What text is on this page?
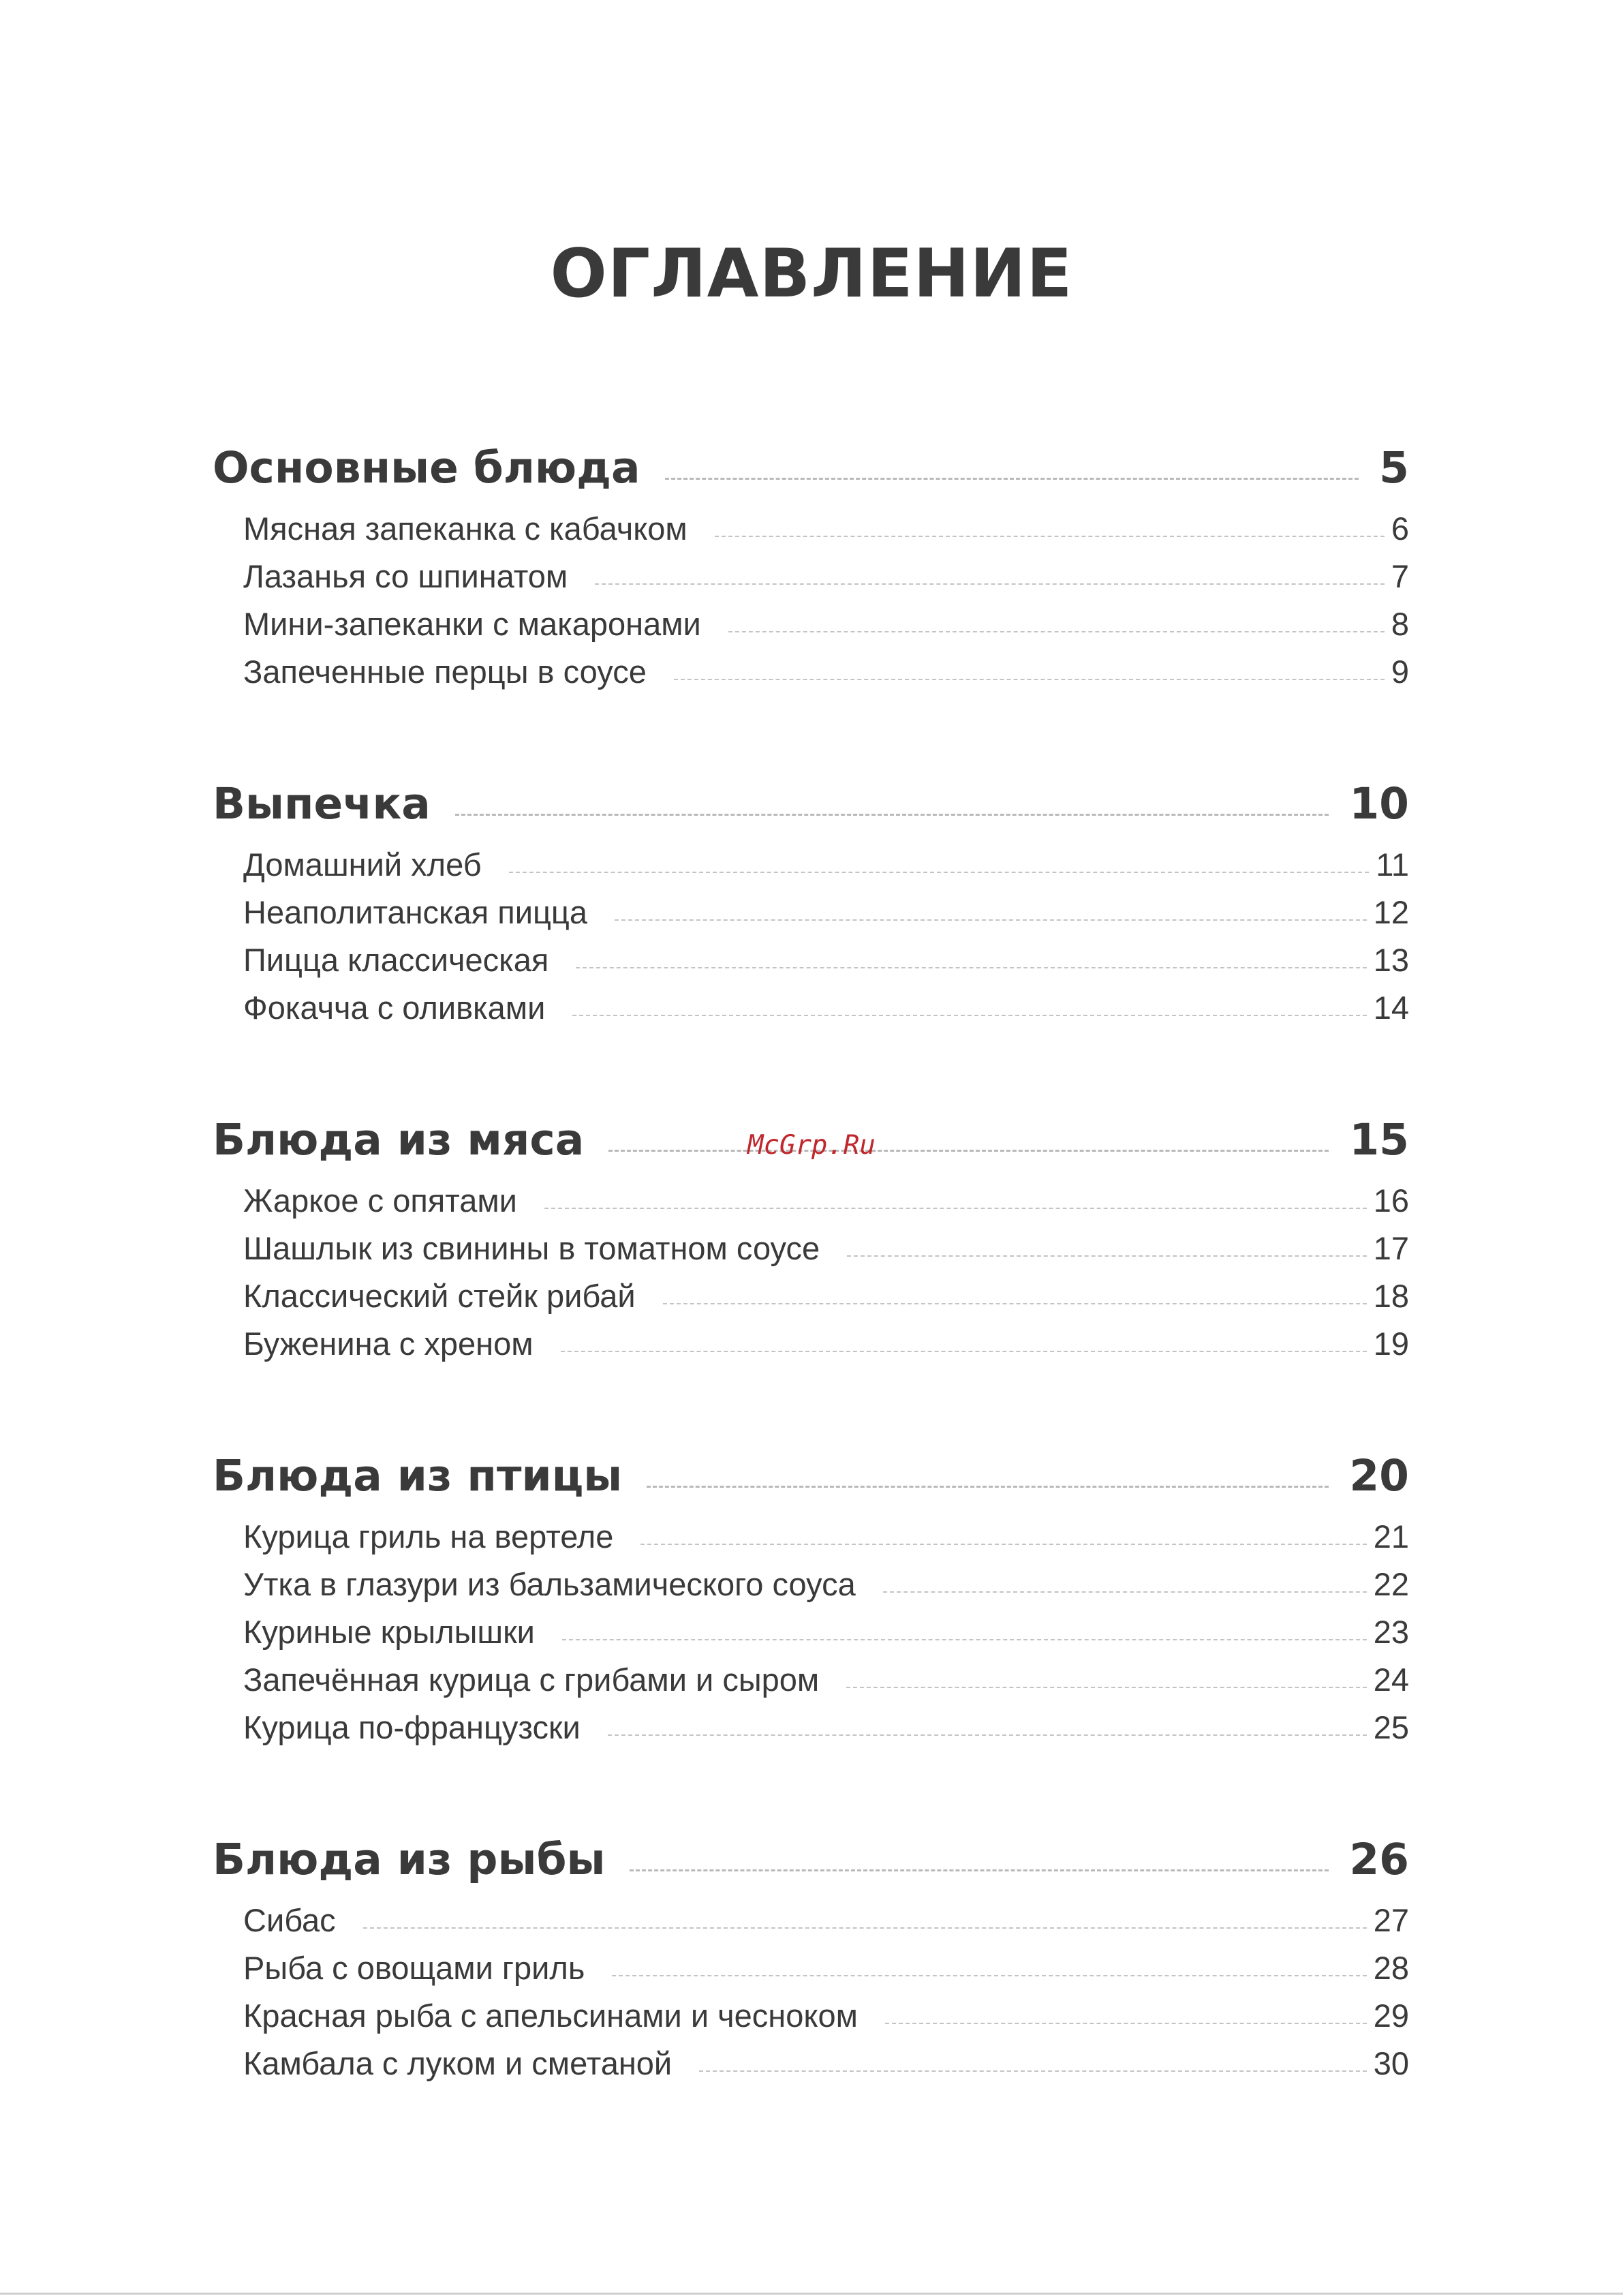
ОГЛАВЛЕНИЕ
Основные блюда	5
Мясная запеканка с кабачком	6
Лазанья со шпинатом	7
Мини-запеканки с макаронами	8
Запеченные перцы в соусе	9
Выпечка	10
Домашний хлеб	11
Неаполитанская пицца	12
Пицца классическая	13
Фокачча с оливками	14
Блюда из мяса	15
Жаркое с опятами	16
Шашлык из свинины в томатном соусе	17
Классический стейк рибай	18
Буженина с хреном	19
Блюда из птицы	20
Курица гриль на вертеле	21
Утка в глазури из бальзамического соуса	22
Куриные крылышки	23
Запечённая курица с грибами и сыром	24
Курица по-французски	25
Блюда из рыбы	26
Сибас	27
Рыба с овощами гриль	28
Красная рыба с апельсинами и чесноком	29
Камбала с луком и сметаной	30
McGrp.Ru
